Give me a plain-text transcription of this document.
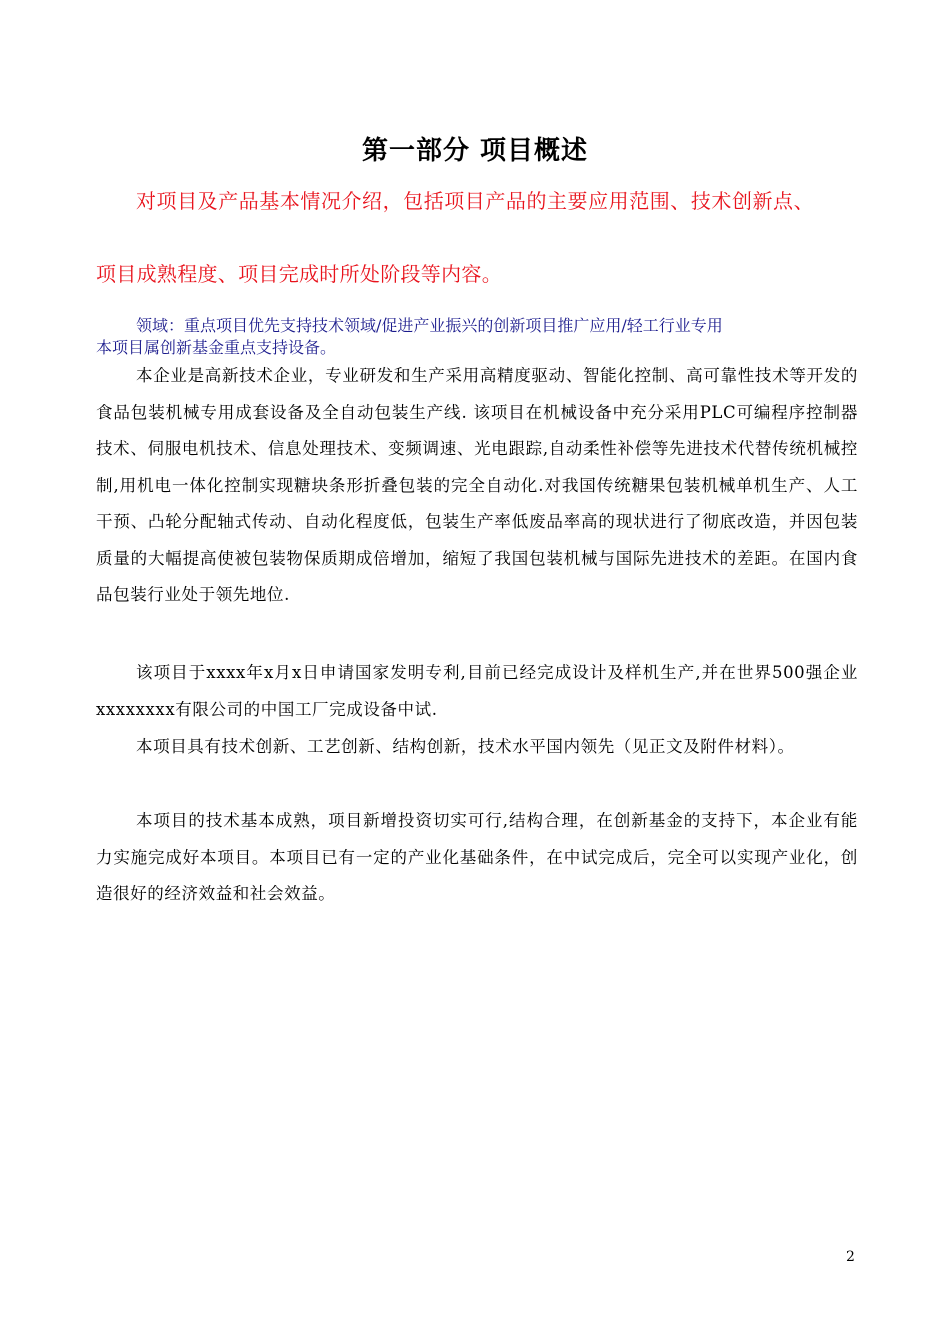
第一部分 项目概述
对项目及产品基本情况介绍，包括项目产品的主要应用范围、技术创新点、
项目成熟程度、项目完成时所处阶段等内容。
领域：重点项目优先支持技术领域/促进产业振兴的创新项目推广应用/轻工行业专用
本项目属创新基金重点支持设备。

本企业是高新技术企业，专业研发和生产采用高精度驱动、智能化控制、高可靠性技术等开发的食品包装机械专用成套设备及全自动包装生产线. 该项目在机械设备中充分采用PLC可编程序控制器技术、伺服电机技术、信息处理技术、变频调速、光电跟踪,自动柔性补偿等先进技术代替传统机械控制,用机电一体化控制实现糖块条形折叠包装的完全自动化.对我国传统糖果包装机械单机生产、人工干预、凸轮分配轴式传动、自动化程度低，包装生产率低废品率高的现状进行了彻底改造，并因包装质量的大幅提高使被包装物保质期成倍增加，缩短了我国包装机械与国际先进技术的差距。在国内食品包装行业处于领先地位.

该项目于xxxx年x月x日申请国家发明专利,目前已经完成设计及样机生产,并在世界500强企业xxxxxxxx有限公司的中国工厂完成设备中试.

本项目具有技术创新、工艺创新、结构创新，技术水平国内领先（见正文及附件材料）。

本项目的技术基本成熟，项目新增投资切实可行,结构合理，在创新基金的支持下，本企业有能力实施完成好本项目。本项目已有一定的产业化基础条件，在中试完成后，完全可以实现产业化，创造很好的经济效益和社会效益。

2
